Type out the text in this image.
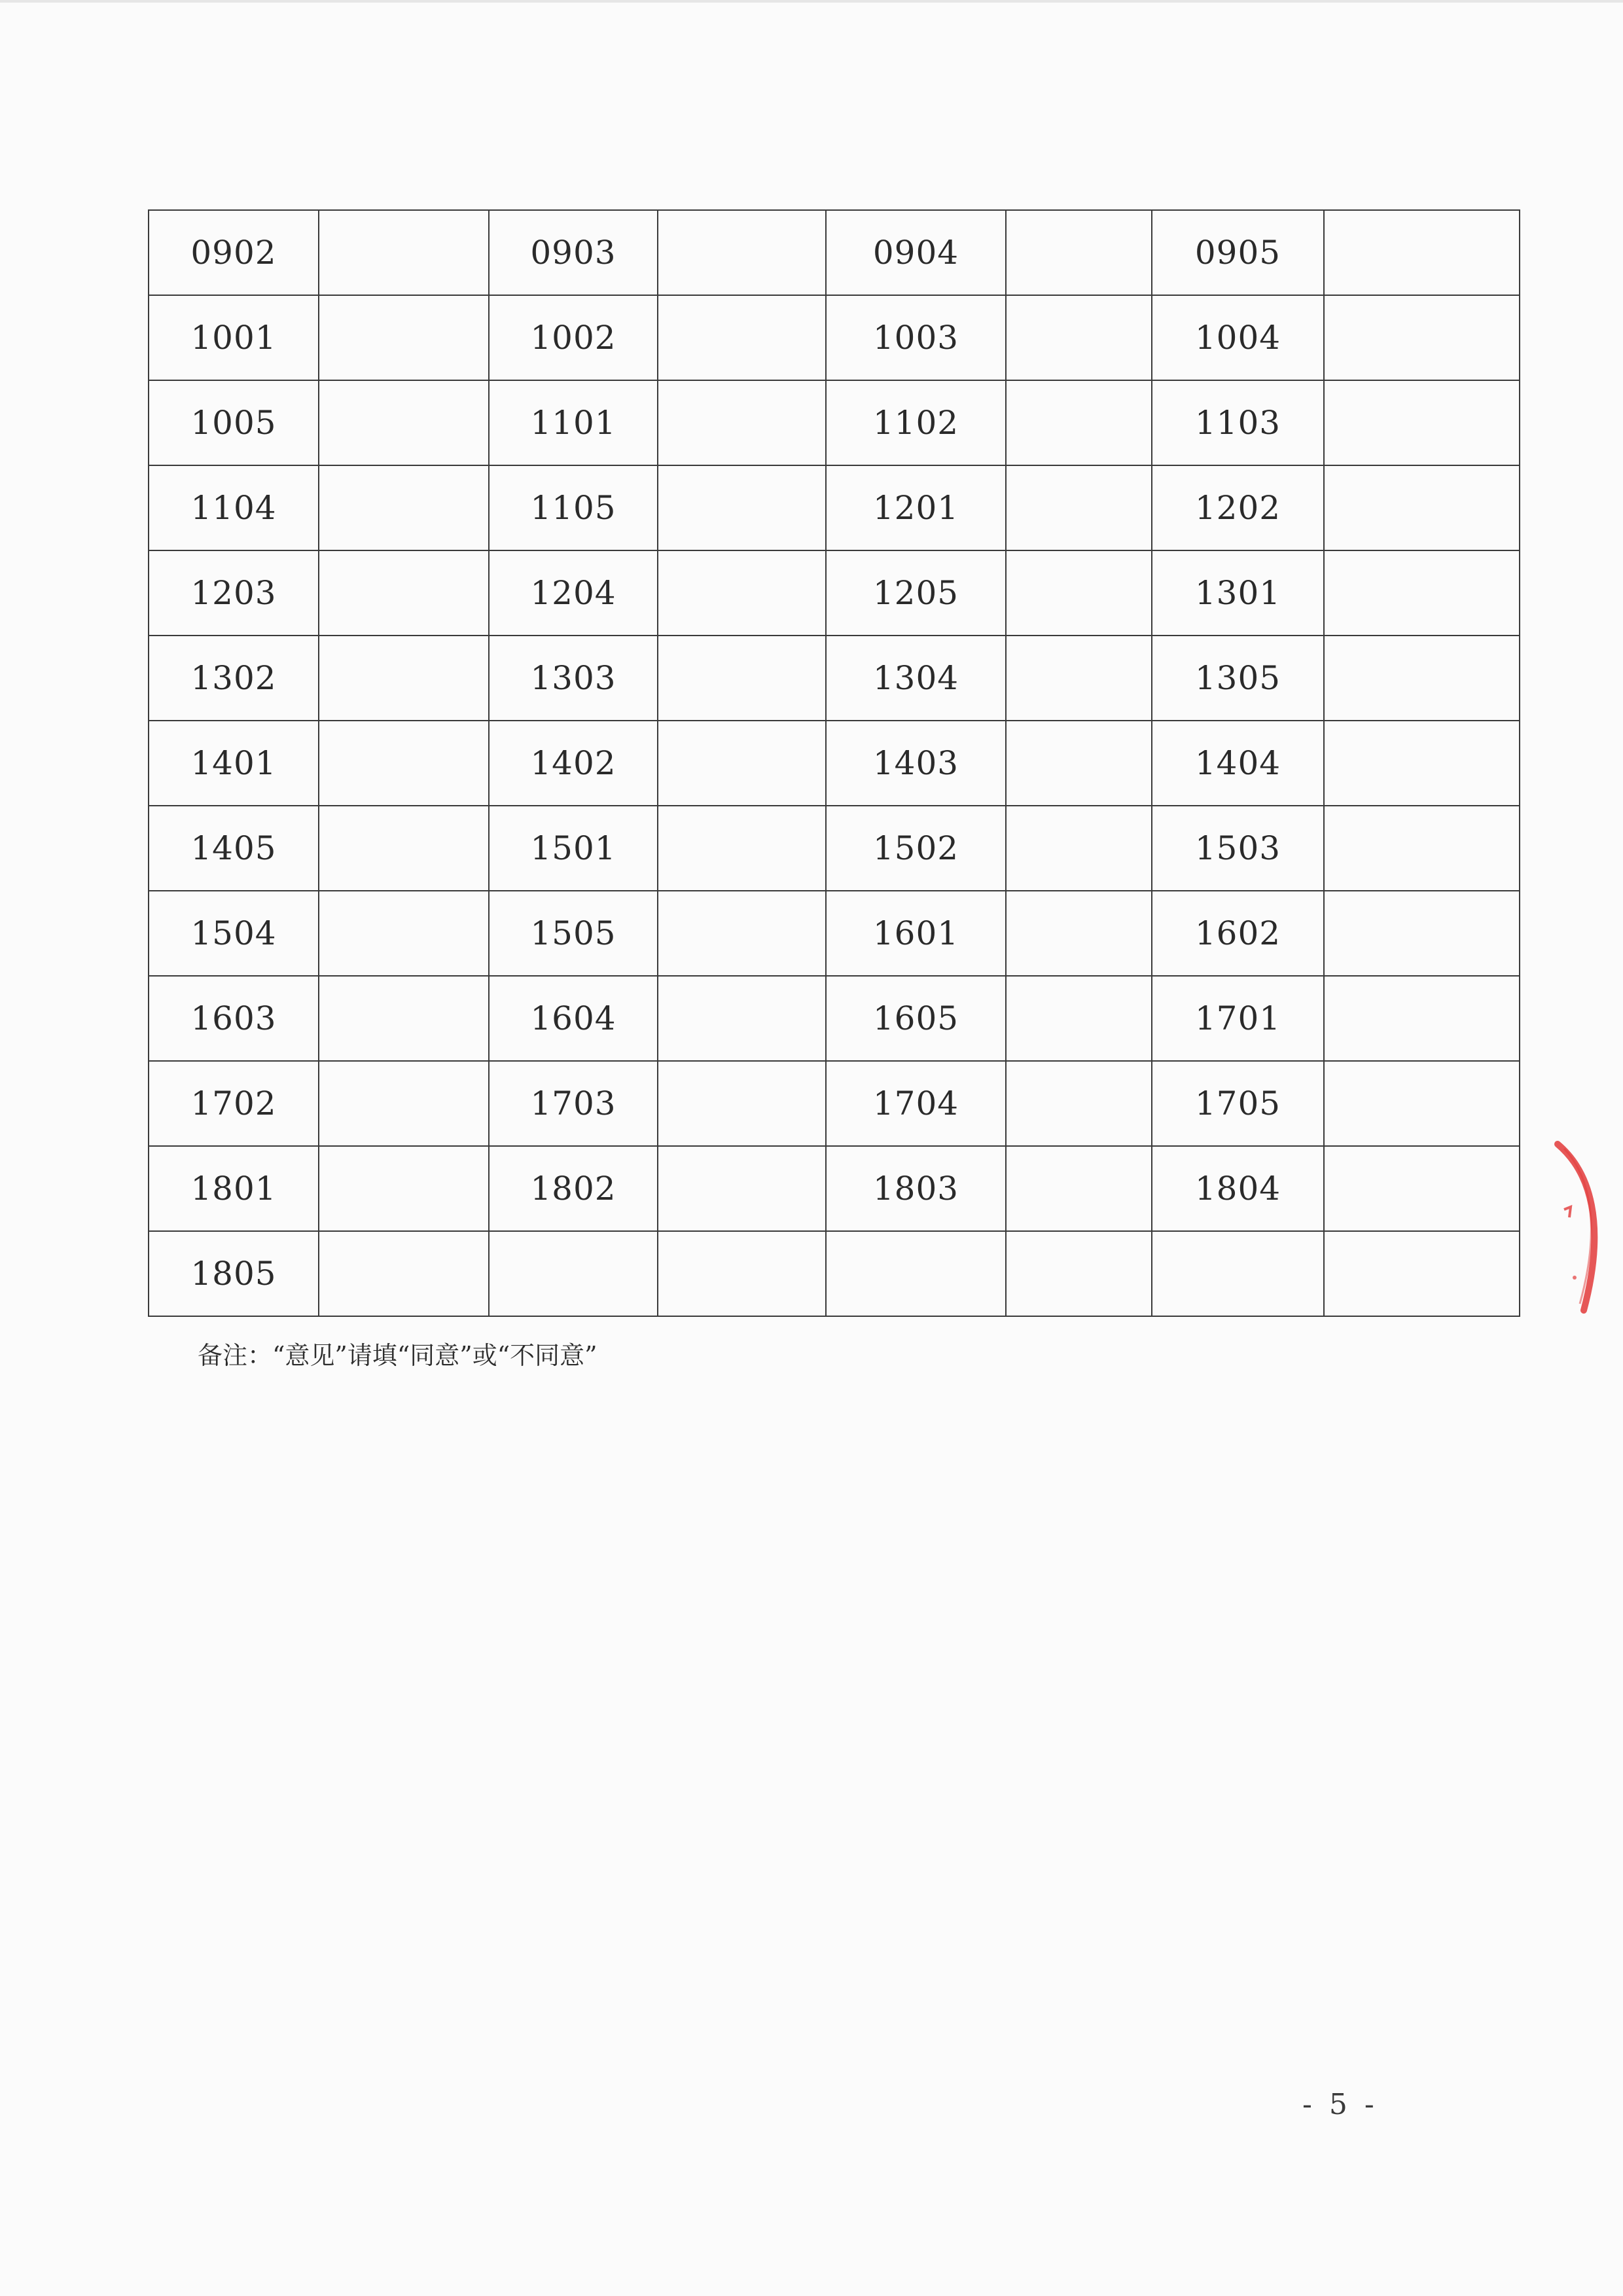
0902		0903		0904		0905	
1001		1002		1003		1004	
1005		1101		1102		1103	
1104		1105		1201		1202	
1203		1204		1205		1301	
1302		1303		1304		1305	
1401		1402		1403		1404	
1405		1501		1502		1503	
1504		1505		1601		1602	
1603		1604		1605		1701	
1702		1703		1704		1705	
1801		1802		1803		1804	
1805							
备注：“意见”请填“同意”或“不同意”
- 5 -
